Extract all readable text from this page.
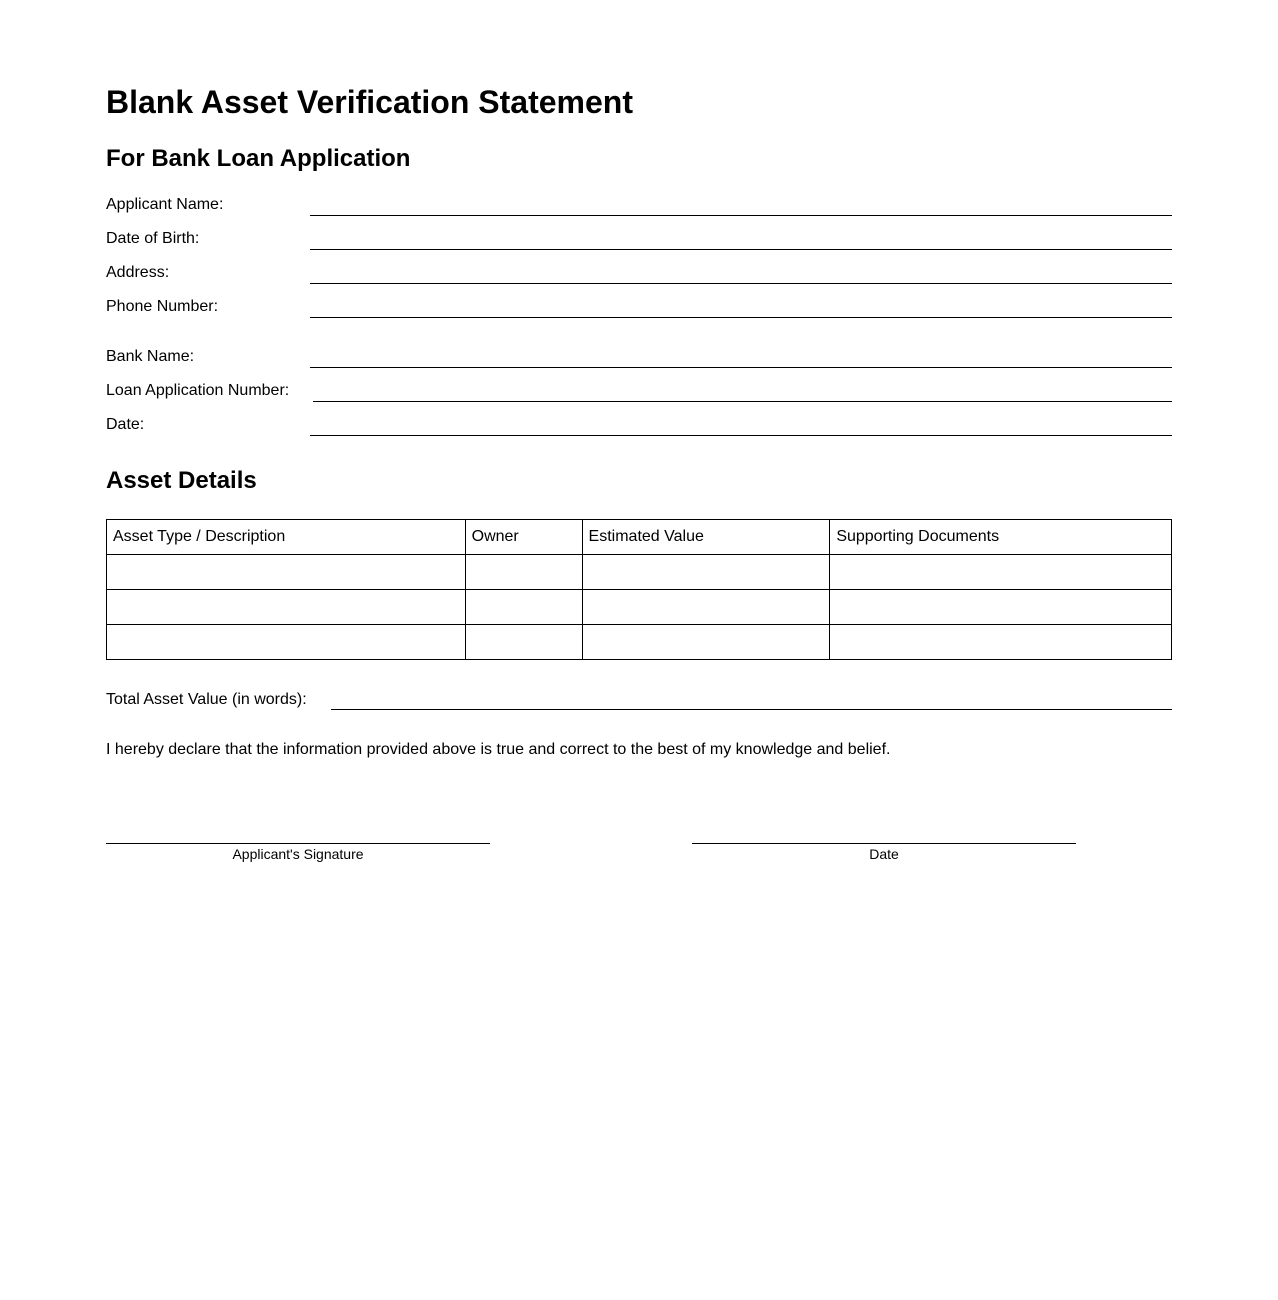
Blank Asset Verification Statement
For Bank Loan Application
Applicant Name:
Date of Birth:
Address:
Phone Number:
Bank Name:
Loan Application Number:
Date:
Asset Details
Asset Type / Description	Owner	Estimated Value	Supporting Documents

Total Asset Value (in words):

I hereby declare that the information provided above is true and correct to the best of my knowledge and belief.

Applicant's Signature	Date
